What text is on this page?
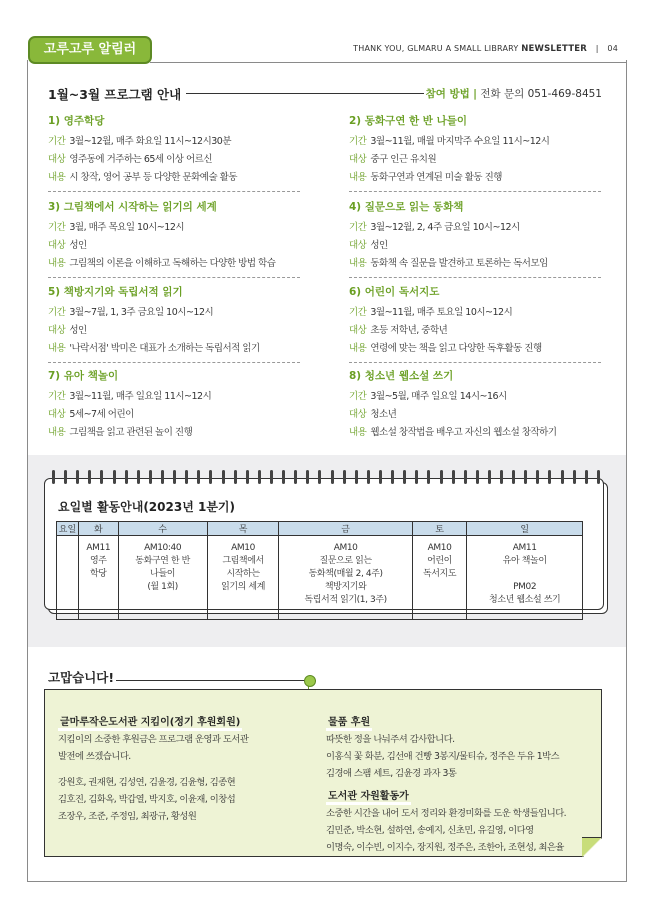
고루고루 알림러	THANK YOU, GLMARU A SMALL LIBRARY NEWSLETTER | 04
1월~3월 프로그램 안내	참여 방법 | 전화 문의 051-469-8451
1) 영주학당
기간 3월~12월, 매주 화요일 11시~12시30분
대상 영주동에 거주하는 65세 이상 어르신
내용 시 창작, 영어 공부 등 다양한 문화예술 활동
2) 동화구연 한 반 나들이
기간 3월~11월, 매월 마지막주 수요일 11시~12시
대상 중구 인근 유치원
내용 동화구연과 연계된 미술 활동 진행
3) 그림책에서 시작하는 읽기의 세계
기간 3월, 매주 목요일 10시~12시
대상 성인
내용 그림책의 이론을 이해하고 독해하는 다양한 방법 학습
4) 질문으로 읽는 동화책
기간 3월~12월, 2, 4주 금요일 10시~12시
대상 성인
내용 동화책 속 질문을 발견하고 토론하는 독서모임
5) 책방지기와 독립서적 읽기
기간 3월~7월, 1, 3주 금요일 10시~12시
대상 성인
내용 '나락서점' 박미은 대표가 소개하는 독립서적 읽기
6) 어린이 독서지도
기간 3월~11월, 매주 토요일 10시~12시
대상 초등 저학년, 중학년
내용 연령에 맞는 책을 읽고 다양한 독후활동 진행
7) 유아 책놀이
기간 3월~11월, 매주 일요일 11시~12시
대상 5세~7세 어린이
내용 그림책을 읽고 관련된 놀이 진행
8) 청소년 웹소설 쓰기
기간 3월~5월, 매주 일요일 14시~16시
대상 청소년
내용 웹소설 창작법을 배우고 자신의 웹소설 창작하기
요일별 활동안내(2023년 1분기)
요일	화	수	목	금	토	일
	AM11
영주
학당	AM10:40
동화구연 한 반
나들이
(월 1회)	AM10
그림책에서
시작하는
읽기의 세계	AM10
질문으로 읽는
동화책(매월 2, 4주)
책방지기와
독립서적 읽기(1, 3주)	AM10
어린이
독서지도	AM11
유아 책놀이

PM02
청소년 웹소설 쓰기
고맙습니다!
글마루작은도서관 지킴이(정기 후원회원)
지킴이의 소중한 후원금은 프로그램 운영과 도서관
발전에 쓰겠습니다.
강원호, 권재현, 김성연, 김윤경, 김윤형, 김종현
김호진, 김화옥, 박갑열, 박지호, 이윤재, 이창섭
조장우, 조준, 주정임, 최광규, 황성원
물품 후원
따뜻한 정을 나눠주셔 감사합니다.
이홍식 꽃 화분, 김선애 건빵 3봉지/물티슈, 정주은 두유 1박스
김경애 스팸 세트, 김윤경 과자 3통
도서관 자원활동가
소중한 시간을 내어 도서 정리와 환경미화를 도운 학생들입니다.
김민준, 박소현, 설하연, 송예지, 신초민, 유길영, 이다영
이명숙, 이수빈, 이지수, 장지원, 정주은, 조한아, 조현성, 최은율
